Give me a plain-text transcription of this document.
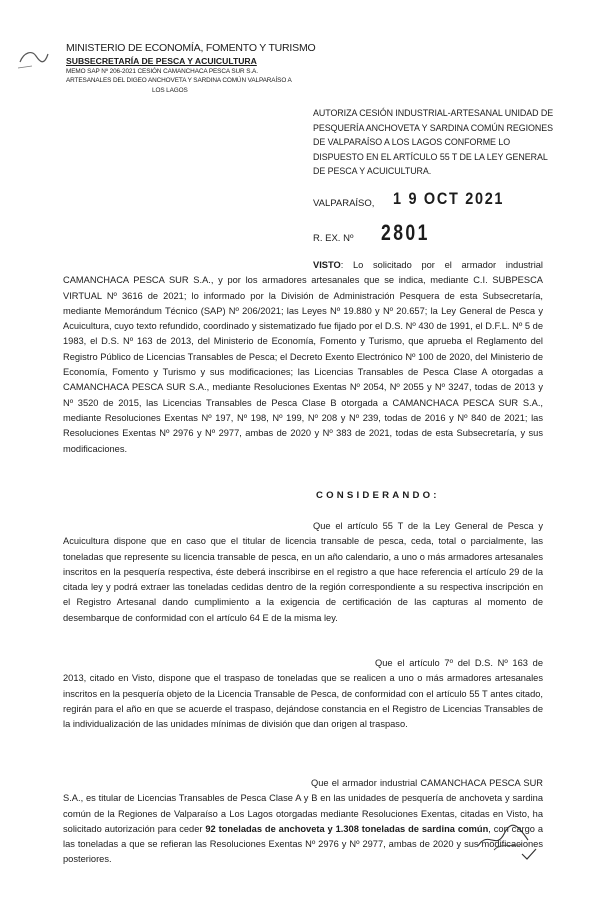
MINISTERIO DE ECONOMÍA, FOMENTO Y TURISMO
SUBSECRETARÍA DE PESCA Y ACUICULTURA
MEMO SAP Nº 206-2021 CESIÓN CAMANCHACA PESCA SUR S.A.
ARTESANALES DEL DIGEO ANCHOVETA Y SARDINA COMÚN VALPARAÍSO A
LOS LAGOS
AUTORIZA CESIÓN INDUSTRIAL-ARTESANAL UNIDAD DE PESQUERÍA ANCHOVETA Y SARDINA COMÚN REGIONES DE VALPARAÍSO A LOS LAGOS CONFORME LO DISPUESTO EN EL ARTÍCULO 55 T DE LA LEY GENERAL DE PESCA Y ACUICULTURA.
VALPARAÍSO, 1 9 OCT 2021
R. EX. Nº 2801
VISTO: Lo solicitado por el armador industrial CAMANCHACA PESCA SUR S.A., y por los armadores artesanales que se indica, mediante C.I. SUBPESCA VIRTUAL Nº 3616 de 2021; lo informado por la División de Administración Pesquera de esta Subsecretaría, mediante Memorándum Técnico (SAP) Nº 206/2021; las Leyes Nº 19.880 y Nº 20.657; la Ley General de Pesca y Acuicultura, cuyo texto refundido, coordinado y sistematizado fue fijado por el D.S. Nº 430 de 1991, el D.F.L. Nº 5 de 1983, el D.S. Nº 163 de 2013, del Ministerio de Economía, Fomento y Turismo, que aprueba el Reglamento del Registro Público de Licencias Transables de Pesca; el Decreto Exento Electrónico Nº 100 de 2020, del Ministerio de Economía, Fomento y Turismo y sus modificaciones; las Licencias Transables de Pesca Clase A otorgadas a CAMANCHACA PESCA SUR S.A., mediante Resoluciones Exentas Nº 2054, Nº 2055 y Nº 3247, todas de 2013 y Nº 3520 de 2015, las Licencias Transables de Pesca Clase B otorgada a CAMANCHACA PESCA SUR S.A., mediante Resoluciones Exentas Nº 197, Nº 198, Nº 199, Nº 208 y Nº 239, todas de 2016 y Nº 840 de 2021; las Resoluciones Exentas Nº 2976 y Nº 2977, ambas de 2020 y Nº 383 de 2021, todas de esta Subsecretaría, y sus modificaciones.
CONSIDERANDO:
Que el artículo 55 T de la Ley General de Pesca y Acuicultura dispone que en caso que el titular de licencia transable de pesca, ceda, total o parcialmente, las toneladas que represente su licencia transable de pesca, en un año calendario, a uno o más armadores artesanales inscritos en la pesquería respectiva, éste deberá inscribirse en el registro a que hace referencia el artículo 29 de la citada ley y podrá extraer las toneladas cedidas dentro de la región correspondiente a su respectiva inscripción en el Registro Artesanal dando cumplimiento a la exigencia de certificación de las capturas al momento de desembarque de conformidad con el artículo 64 E de la misma ley.
Que el artículo 7º del D.S. Nº 163 de 2013, citado en Visto, dispone que el traspaso de toneladas que se realicen a uno o más armadores artesanales inscritos en la pesquería objeto de la Licencia Transable de Pesca, de conformidad con el artículo 55 T antes citado, regirán para el año en que se acuerde el traspaso, dejándose constancia en el Registro de Licencias Transables de la individualización de las unidades mínimas de división que dan origen al traspaso.
Que el armador industrial CAMANCHACA PESCA SUR S.A., es titular de Licencias Transables de Pesca Clase A y B en las unidades de pesquería de anchoveta y sardina común de la Regiones de Valparaíso a Los Lagos otorgadas mediante Resoluciones Exentas, citadas en Visto, ha solicitado autorización para ceder 92 toneladas de anchoveta y 1.308 toneladas de sardina común, con cargo a las toneladas a que se refieran las Resoluciones Exentas Nº 2976 y Nº 2977, ambas de 2020 y sus modificaciones posteriores.
